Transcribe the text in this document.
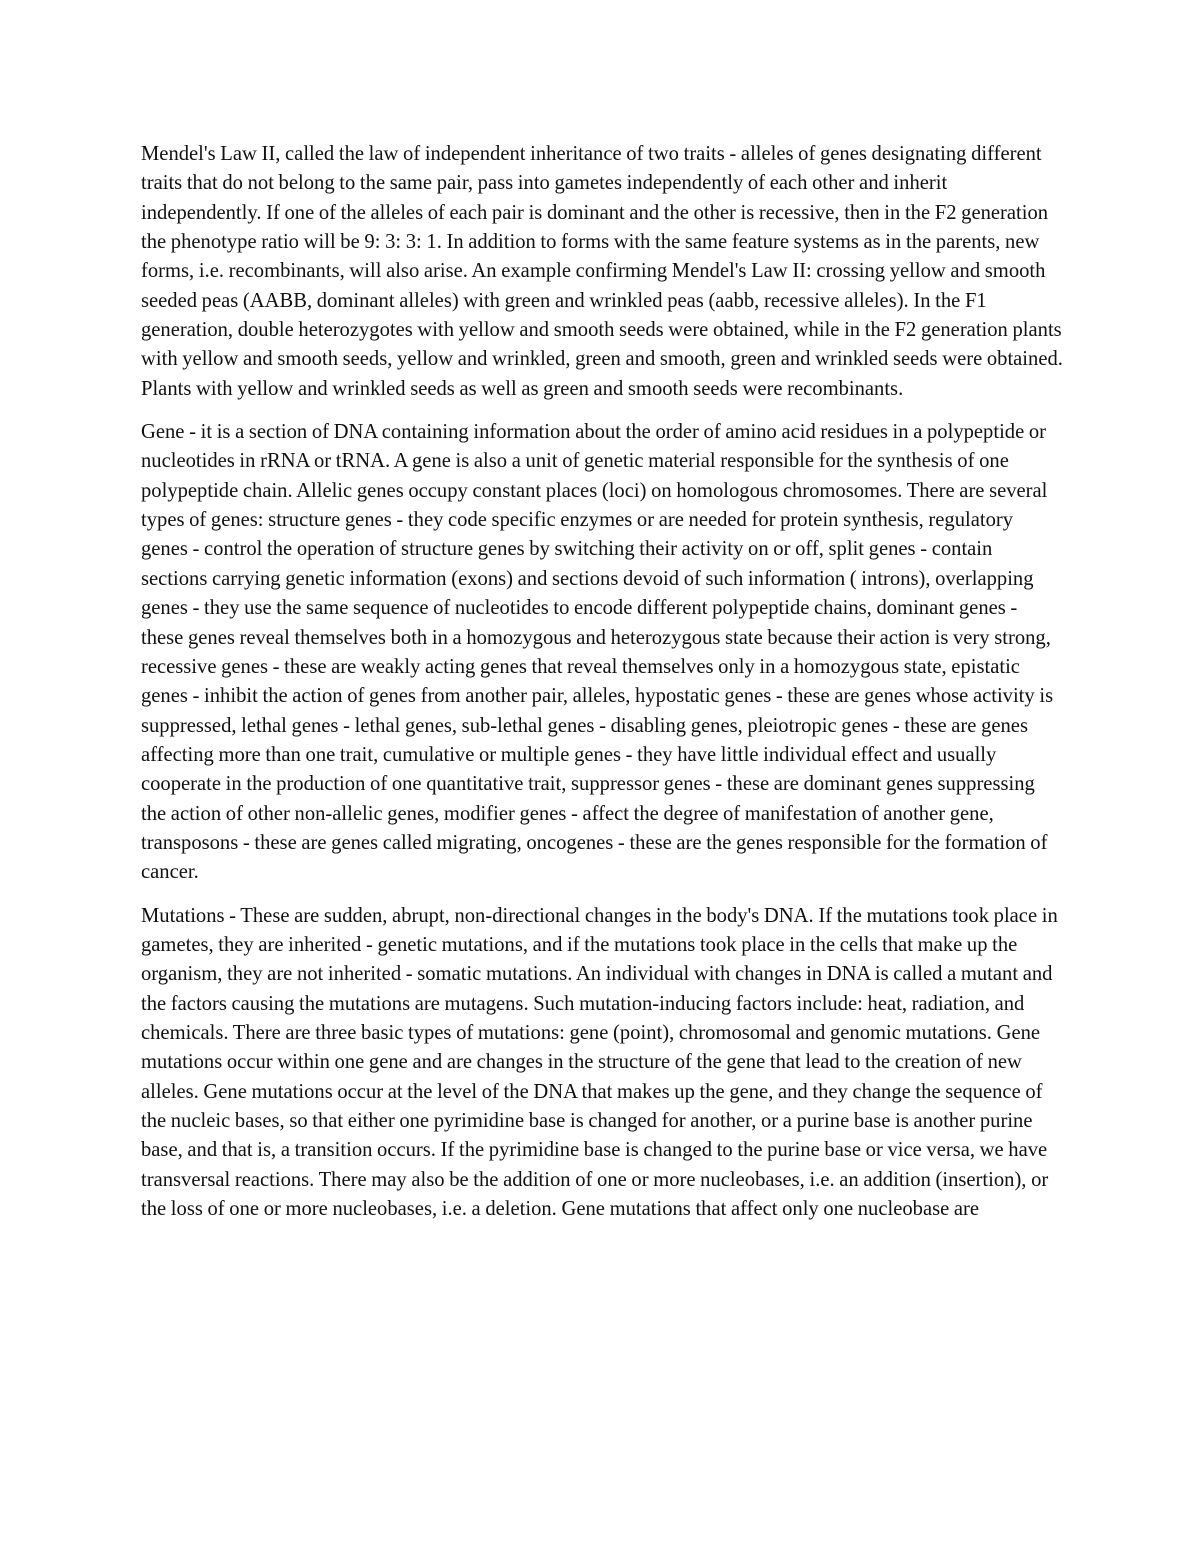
Mendel's Law II, called the law of independent inheritance of two traits - alleles of genes designating different traits that do not belong to the same pair, pass into gametes independently of each other and inherit independently. If one of the alleles of each pair is dominant and the other is recessive, then in the F2 generation the phenotype ratio will be 9: 3: 3: 1. In addition to forms with the same feature systems as in the parents, new forms, i.e. recombinants, will also arise. An example confirming Mendel's Law II: crossing yellow and smooth seeded peas (AABB, dominant alleles) with green and wrinkled peas (aabb, recessive alleles). In the F1 generation, double heterozygotes with yellow and smooth seeds were obtained, while in the F2 generation plants with yellow and smooth seeds, yellow and wrinkled, green and smooth, green and wrinkled seeds were obtained. Plants with yellow and wrinkled seeds as well as green and smooth seeds were recombinants.

Gene - it is a section of DNA containing information about the order of amino acid residues in a polypeptide or nucleotides in rRNA or tRNA. A gene is also a unit of genetic material responsible for the synthesis of one polypeptide chain. Allelic genes occupy constant places (loci) on homologous chromosomes. There are several types of genes: structure genes - they code specific enzymes or are needed for protein synthesis, regulatory genes - control the operation of structure genes by switching their activity on or off, split genes - contain sections carrying genetic information (exons) and sections devoid of such information ( introns), overlapping genes - they use the same sequence of nucleotides to encode different polypeptide chains, dominant genes - these genes reveal themselves both in a homozygous and heterozygous state because their action is very strong, recessive genes - these are weakly acting genes that reveal themselves only in a homozygous state, epistatic genes - inhibit the action of genes from another pair, alleles, hypostatic genes - these are genes whose activity is suppressed, lethal genes - lethal genes, sub-lethal genes - disabling genes, pleiotropic genes - these are genes affecting more than one trait, cumulative or multiple genes - they have little individual effect and usually cooperate in the production of one quantitative trait, suppressor genes - these are dominant genes suppressing the action of other non-allelic genes, modifier genes - affect the degree of manifestation of another gene, transposons - these are genes called migrating, oncogenes - these are the genes responsible for the formation of cancer.

Mutations - These are sudden, abrupt, non-directional changes in the body's DNA. If the mutations took place in gametes, they are inherited - genetic mutations, and if the mutations took place in the cells that make up the organism, they are not inherited - somatic mutations. An individual with changes in DNA is called a mutant and the factors causing the mutations are mutagens. Such mutation-inducing factors include: heat, radiation, and chemicals. There are three basic types of mutations: gene (point), chromosomal and genomic mutations. Gene mutations occur within one gene and are changes in the structure of the gene that lead to the creation of new alleles. Gene mutations occur at the level of the DNA that makes up the gene, and they change the sequence of the nucleic bases, so that either one pyrimidine base is changed for another, or a purine base is another purine base, and that is, a transition occurs. If the pyrimidine base is changed to the purine base or vice versa, we have transversal reactions. There may also be the addition of one or more nucleobases, i.e. an addition (insertion), or the loss of one or more nucleobases, i.e. a deletion. Gene mutations that affect only one nucleobase are
